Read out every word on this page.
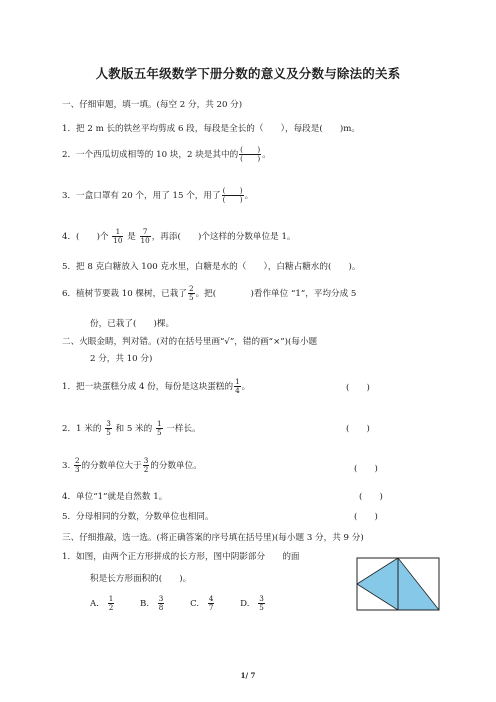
人教版五年级数学下册分数的意义及分数与除法的关系
一、仔细审题，填一填。(每空 2 分，共 20 分)
1．把 2 m 长的铁丝平均剪成 6 段，每段是全长的（　　），每段是(　　)m。
2．一个西瓜切成相等的 10 块，2 块是其中的 $\frac{( )}{( )}$ 。
3．一盒口罩有 20 个，用了 15 个，用了 $\frac{( )}{( )}$ 。
4．(　　)个 $\frac{1}{10}$ 是 $\frac{7}{10}$ ，再添(　　)个这样的分数单位是 1。
5．把 8 克白糖放入 100 克水里，白糖是水的（　　），白糖占糖水的(　　)。
6．植树节要栽 10 棵树，已栽了 $\frac{2}{5}$ 。把(　　　　)看作单位 “1”，平均分成 5
份，已栽了(　　)棵。
二、火眼金睛，判对错。(对的在括号里画“√”，错的画“×”)(每小题
2 分，共 10 分)
1．把一块蛋糕分成 4 份，每份是这块蛋糕的 $\frac{1}{4}$ 。	(　　)
2．1 米的 $\frac{3}{5}$ 和 5 米的 $\frac{1}{5}$ 一样长。	(　　)
3. $\frac{2}{3}$ 的分数单位大于 $\frac{3}{2}$ 的分数单位。	(　　)
4．单位“1”就是自然数 1。	(　　)
5．分母相同的分数，分数单位也相同。	(　　)
三、仔细推敲，选一选。(将正确答案的序号填在括号里)(每小题 3 分，共 9 分)
1．如图，由两个正方形拼成的长方形，图中阴影部分　　的面
积是长方形面积的(　　)。
A. $\frac{1}{2}$	B. $\frac{3}{8}$	C. $\frac{4}{7}$	D. $\frac{3}{5}$
1/ 7
